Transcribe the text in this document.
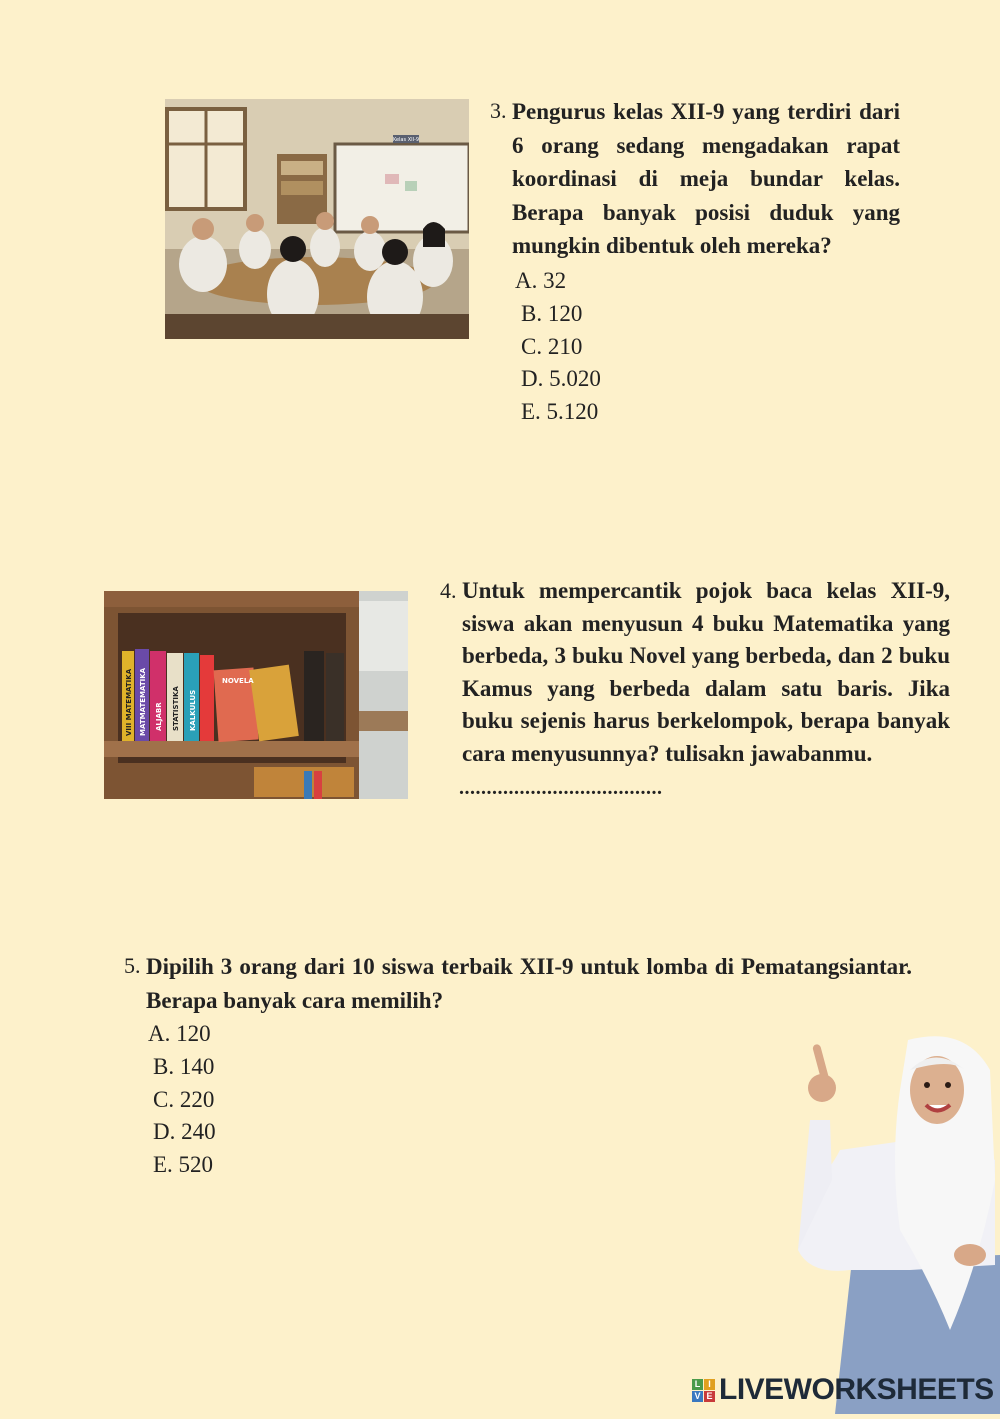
Kelas XII-9
3. Pengurus kelas XII-9 yang terdiri dari 6 orang sedang mengadakan rapat koordinasi di meja bundar kelas. Berapa banyak posisi duduk yang mungkin dibentuk oleh mereka?
A. 32
B. 120
C. 210
D. 5.020
E. 5.120
VIII MATEMATIKA MATMATEMATIKA ALJABR STATISTIKA KALKULUS
NOVELA
4. Untuk mempercantik pojok baca kelas XII-9, siswa akan menyusun 4 buku Matematika yang berbeda, 3 buku Novel yang berbeda, dan 2 buku Kamus yang berbeda dalam satu baris. Jika buku sejenis harus berkelompok, berapa banyak cara menyusunnya? tulisakn jawabanmu.
.....................................
5. Dipilih 3 orang dari 10 siswa terbaik XII-9 untuk lomba di Pematangsiantar. Berapa banyak cara memilih?
A. 120
B. 140
C. 220
D. 240
E. 520
L I
V E LIVEWORKSHEETS
